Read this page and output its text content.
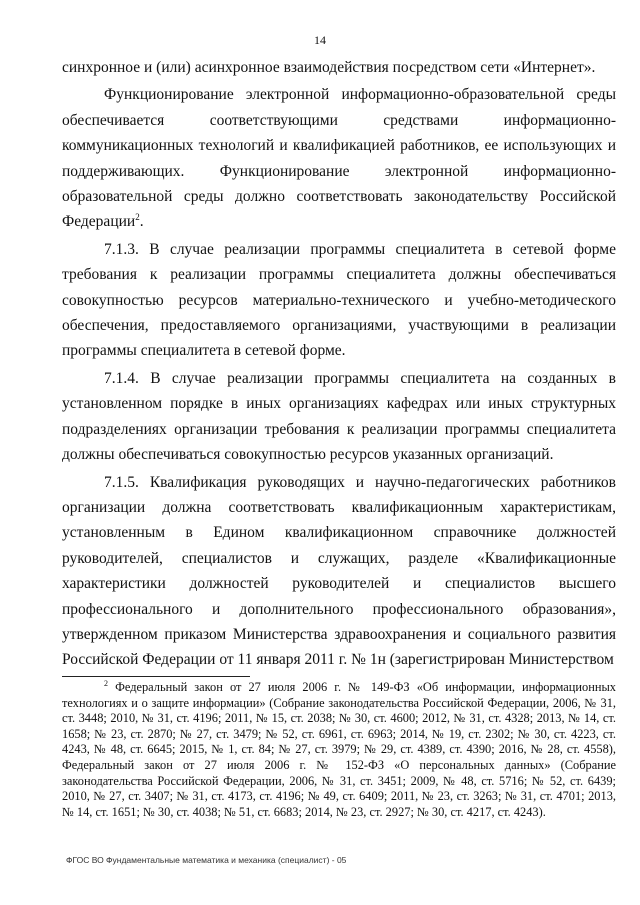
14

синхронное и (или) асинхронное взаимодействия посредством сети «Интернет».

Функционирование электронной информационно-образовательной среды обеспечивается соответствующими средствами информационно-коммуникационных технологий и квалификацией работников, ее использующих и поддерживающих. Функционирование электронной информационно-образовательной среды должно соответствовать законодательству Российской Федерации$^2$.

7.1.3. В случае реализации программы специалитета в сетевой форме требования к реализации программы специалитета должны обеспечиваться совокупностью ресурсов материально-технического и учебно-методического обеспечения, предоставляемого организациями, участвующими в реализации программы специалитета в сетевой форме.

7.1.4. В случае реализации программы специалитета на созданных в установленном порядке в иных организациях кафедрах или иных структурных подразделениях организации требования к реализации программы специалитета должны обеспечиваться совокупностью ресурсов указанных организаций.

7.1.5. Квалификация руководящих и научно-педагогических работников организации должна соответствовать квалификационным характеристикам, установленным в Едином квалификационном справочнике должностей руководителей, специалистов и служащих, разделе «Квалификационные характеристики должностей руководителей и специалистов высшего профессионального и дополнительного профессионального образования», утвержденном приказом Министерства здравоохранения и социального развития Российской Федерации от 11 января 2011 г. № 1н (зарегистрирован Министерством

$^2$ Федеральный закон от 27 июля 2006 г. № 149-ФЗ «Об информации, информационных технологиях и о защите информации» (Собрание законодательства Российской Федерации, 2006, № 31, ст. 3448; 2010, № 31, ст. 4196; 2011, № 15, ст. 2038; № 30, ст. 4600; 2012, № 31, ст. 4328; 2013, № 14, ст. 1658; № 23, ст. 2870; № 27, ст. 3479; № 52, ст. 6961, ст. 6963; 2014, № 19, ст. 2302; № 30, ст. 4223, ст. 4243, № 48, ст. 6645; 2015, № 1, ст. 84; № 27, ст. 3979; № 29, ст. 4389, ст. 4390; 2016, № 28, ст. 4558), Федеральный закон от 27 июля 2006 г. № 152-ФЗ «О персональных данных» (Собрание законодательства Российской Федерации, 2006, № 31, ст. 3451; 2009, № 48, ст. 5716; № 52, ст. 6439; 2010, № 27, ст. 3407; № 31, ст. 4173, ст. 4196; № 49, ст. 6409; 2011, № 23, ст. 3263; № 31, ст. 4701; 2013, № 14, ст. 1651; № 30, ст. 4038; № 51, ст. 6683; 2014, № 23, ст. 2927; № 30, ст. 4217, ст. 4243).

ФГОС ВО Фундаментальные математика и механика (специалист) - 05
